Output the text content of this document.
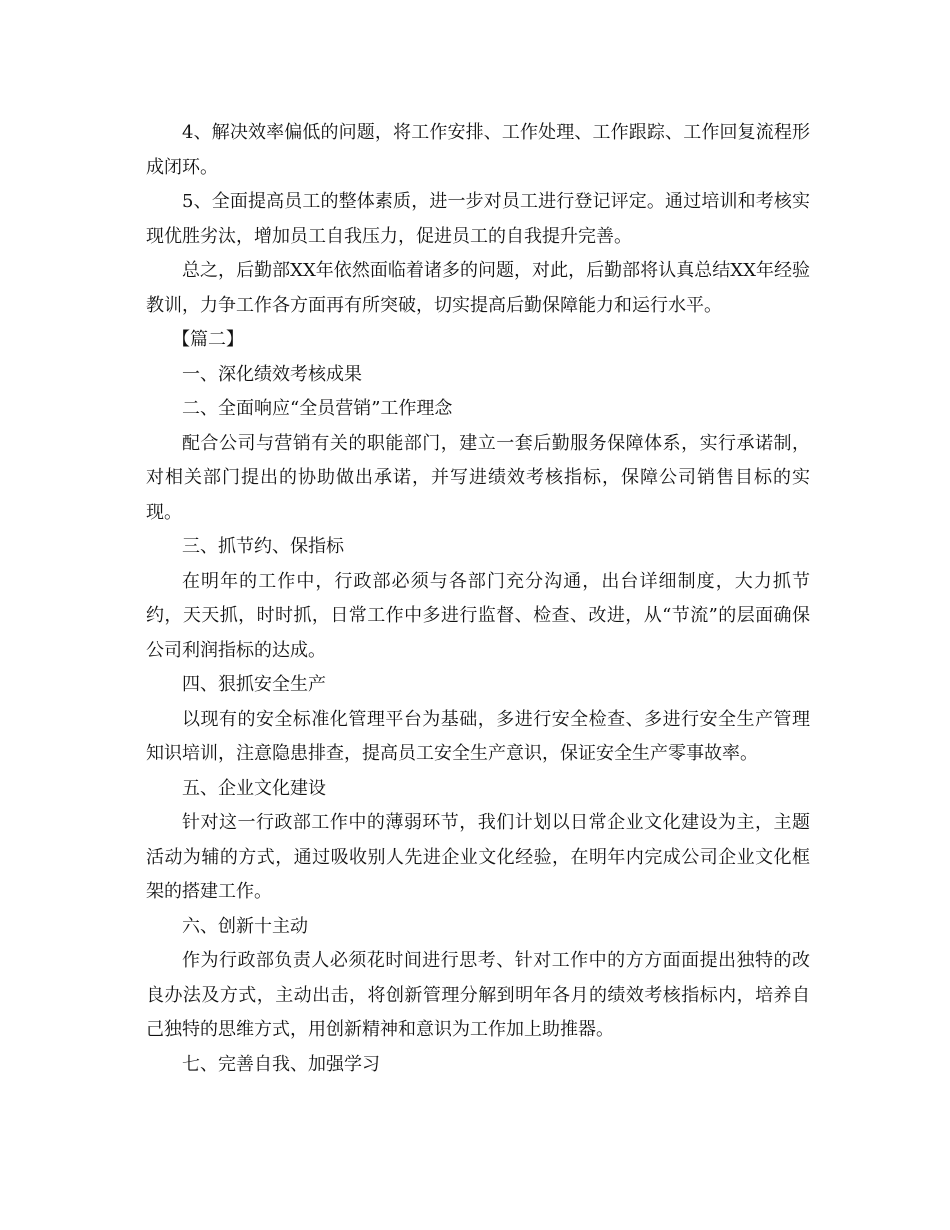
4、解决效率偏低的问题，将工作安排、工作处理、工作跟踪、工作回复流程形成闭环。

5、全面提高员工的整体素质，进一步对员工进行登记评定。通过培训和考核实现优胜劣汰，增加员工自我压力，促进员工的自我提升完善。

总之，后勤部XX年依然面临着诸多的问题，对此，后勤部将认真总结XX年经验教训，力争工作各方面再有所突破，切实提高后勤保障能力和运行水平。

【篇二】

一、深化绩效考核成果

二、全面响应“全员营销”工作理念

配合公司与营销有关的职能部门，建立一套后勤服务保障体系，实行承诺制，对相关部门提出的协助做出承诺，并写进绩效考核指标，保障公司销售目标的实现。

三、抓节约、保指标

在明年的工作中，行政部必须与各部门充分沟通，出台详细制度，大力抓节约，天天抓，时时抓，日常工作中多进行监督、检查、改进，从“节流”的层面确保公司利润指标的达成。

四、狠抓安全生产

以现有的安全标准化管理平台为基础，多进行安全检查、多进行安全生产管理知识培训，注意隐患排查，提高员工安全生产意识，保证安全生产零事故率。

五、企业文化建设

针对这一行政部工作中的薄弱环节，我们计划以日常企业文化建设为主，主题活动为辅的方式，通过吸收别人先进企业文化经验，在明年内完成公司企业文化框架的搭建工作。

六、创新十主动

作为行政部负责人必须花时间进行思考、针对工作中的方方面面提出独特的改良办法及方式，主动出击，将创新管理分解到明年各月的绩效考核指标内，培养自己独特的思维方式，用创新精神和意识为工作加上助推器。

七、完善自我、加强学习
